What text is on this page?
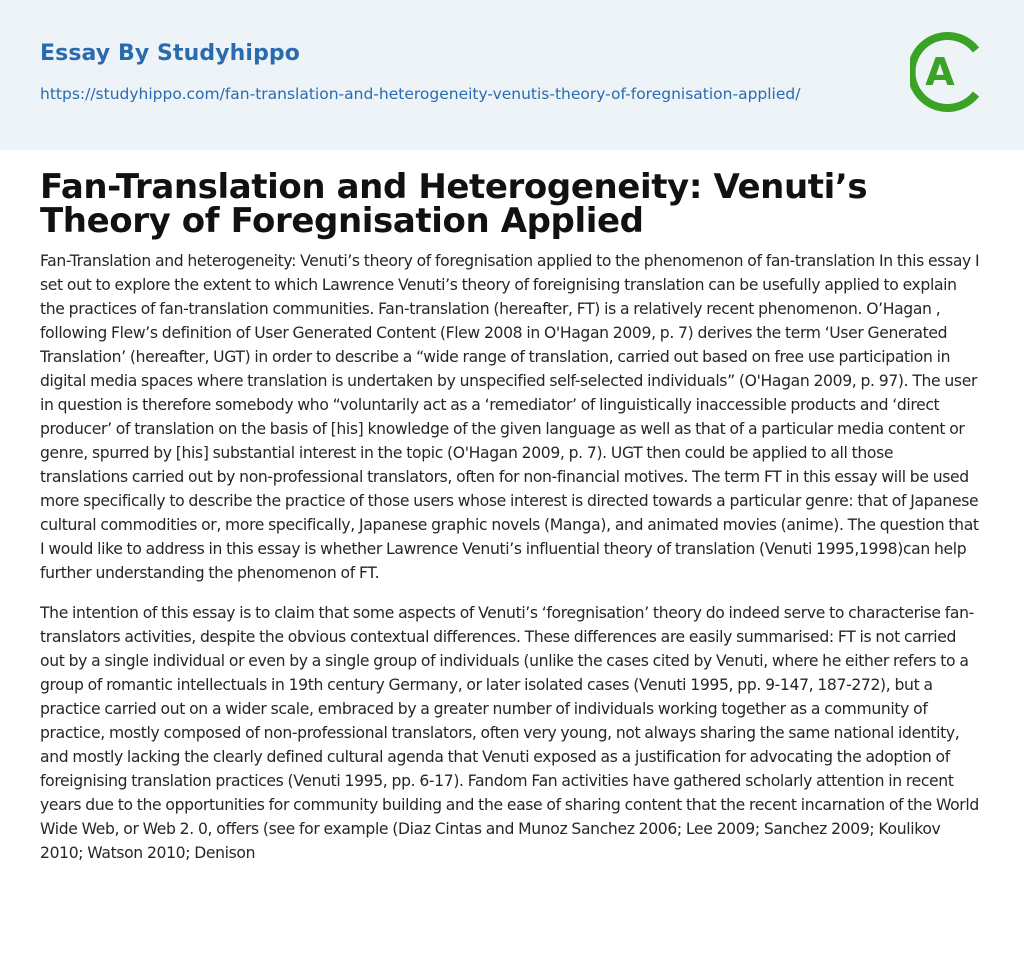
Essay By Studyhippo
https://studyhippo.com/fan-translation-and-heterogeneity-venutis-theory-of-foregnisation-applied/	A
Fan-Translation and Heterogeneity: Venuti’s Theory of Foregnisation Applied

Fan-Translation and heterogeneity: Venuti’s theory of foregnisation applied to the phenomenon of fan-translation In this essay I set out to explore the extent to which Lawrence Venuti’s theory of foreignising translation can be usefully applied to explain the practices of fan-translation communities. Fan-translation (hereafter, FT) is a relatively recent phenomenon. O’Hagan , following Flew’s definition of User Generated Content (Flew 2008 in O'Hagan 2009, p. 7) derives the term ‘User Generated Translation’ (hereafter, UGT) in order to describe a “wide range of translation, carried out based on free use participation in digital media spaces where translation is undertaken by unspecified self-selected individuals” (O'Hagan 2009, p. 97). The user in question is therefore somebody who “voluntarily act as a ‘remediator’ of linguistically inaccessible products and ‘direct producer’ of translation on the basis of [his] knowledge of the given language as well as that of a particular media content or genre, spurred by [his] substantial interest in the topic (O'Hagan 2009, p. 7). UGT then could be applied to all those translations carried out by non-professional translators, often for non-financial motives. The term FT in this essay will be used more specifically to describe the practice of those users whose interest is directed towards a particular genre: that of Japanese cultural commodities or, more specifically, Japanese graphic novels (Manga), and animated movies (anime). The question that I would like to address in this essay is whether Lawrence Venuti’s influential theory of translation (Venuti 1995,1998)can help further understanding the phenomenon of FT.

The intention of this essay is to claim that some aspects of Venuti’s ‘foregnisation’ theory do indeed serve to characterise fan-translators activities, despite the obvious contextual differences. These differences are easily summarised: FT is not carried out by a single individual or even by a single group of individuals (unlike the cases cited by Venuti, where he either refers to a group of romantic intellectuals in 19th century Germany, or later isolated cases (Venuti 1995, pp. 9-147, 187-272), but a practice carried out on a wider scale, embraced by a greater number of individuals working together as a community of practice, mostly composed of non-professional translators, often very young, not always sharing the same national identity, and mostly lacking the clearly defined cultural agenda that Venuti exposed as a justification for advocating the adoption of foreignising translation practices (Venuti 1995, pp. 6-17). Fandom Fan activities have gathered scholarly attention in recent years due to the opportunities for community building and the ease of sharing content that the recent incarnation of the World Wide Web, or Web 2. 0, offers (see for example (Diaz Cintas and Munoz Sanchez 2006; Lee 2009; Sanchez 2009; Koulikov 2010; Watson 2010; Denison
